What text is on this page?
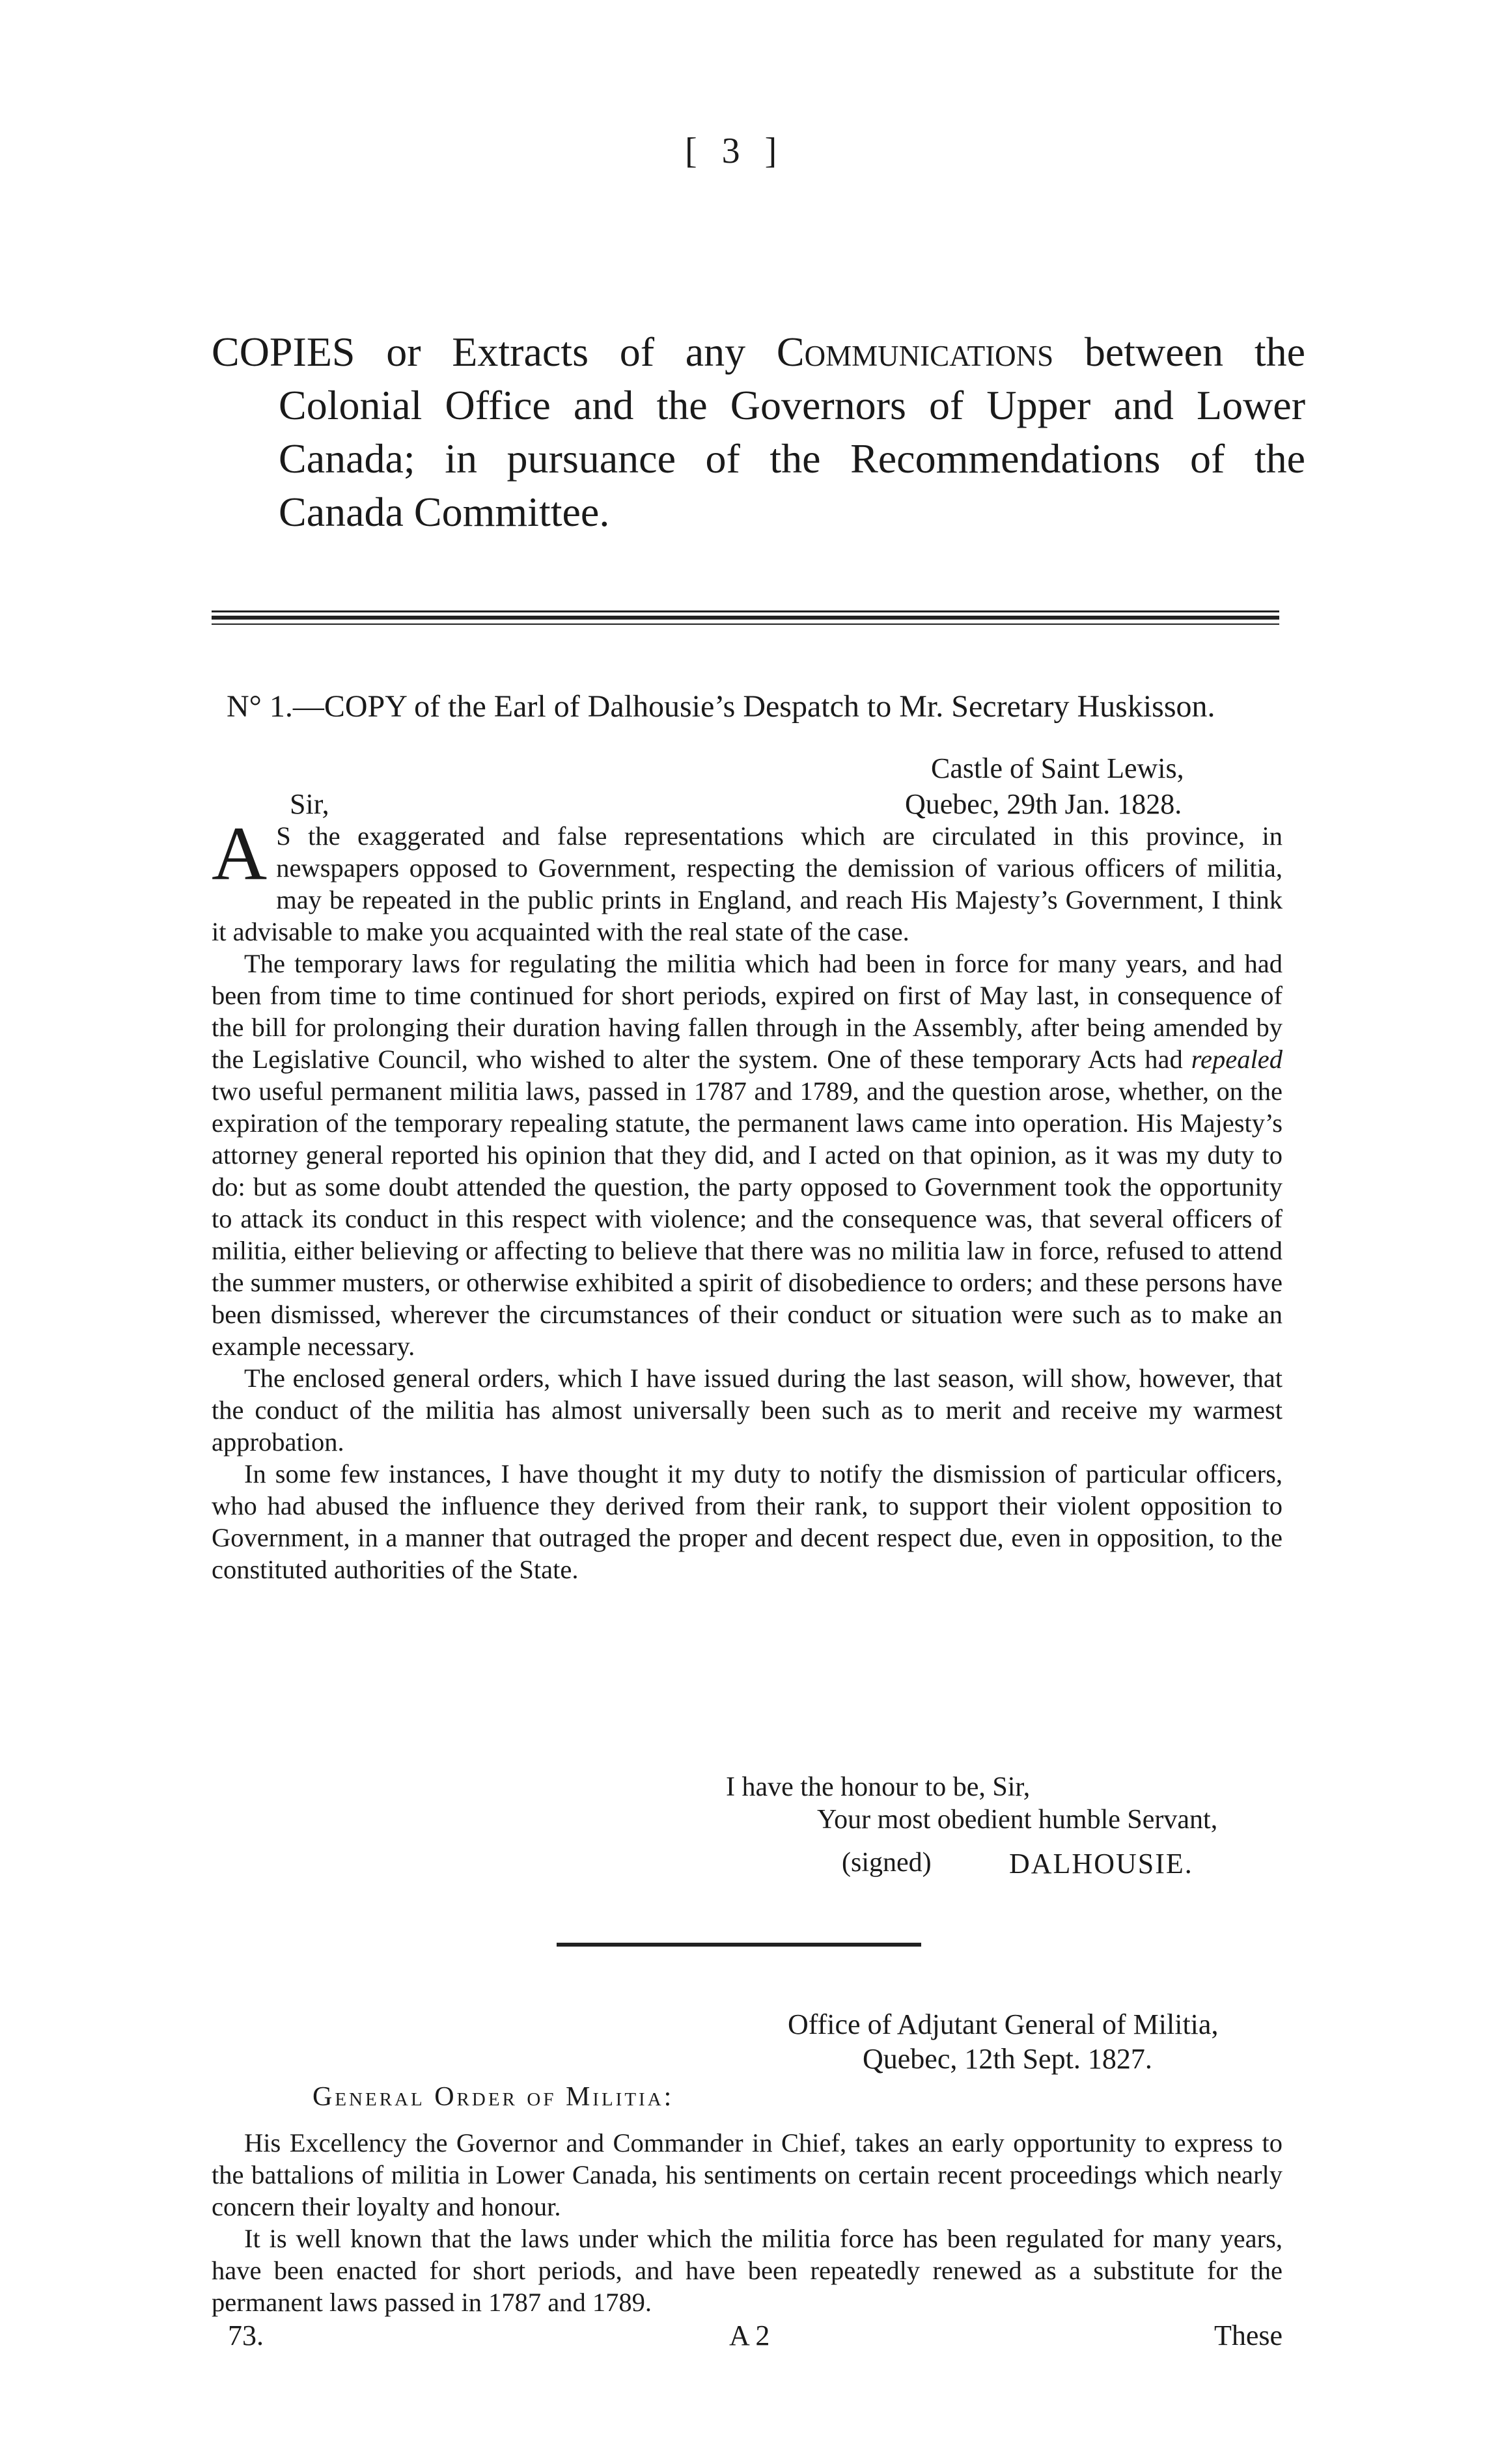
[ 3 ]
COPIES or Extracts of any Communications between the Colonial Office and the Governors of Upper and Lower Canada; in pursuance of the Recommendations of the Canada Committee.
N° 1.—COPY of the Earl of Dalhousie’s Despatch to Mr. Secretary Huskisson.
Castle of Saint Lewis,
Sir,	Quebec, 29th Jan. 1828.

A S the exaggerated and false representations which are circulated in this province, in newspapers opposed to Government, respecting the demission of various officers of militia, may be repeated in the public prints in England, and reach His Majesty’s Government, I think it advisable to make you acquainted with the real state of the case.

The temporary laws for regulating the militia which had been in force for many years, and had been from time to time continued for short periods, expired on first of May last, in consequence of the bill for prolonging their duration having fallen through in the Assembly, after being amended by the Legislative Council, who wished to alter the system. One of these temporary Acts had repealed two useful permanent militia laws, passed in 1787 and 1789, and the question arose, whether, on the expiration of the temporary repealing statute, the permanent laws came into operation. His Majesty’s attorney general reported his opinion that they did, and I acted on that opinion, as it was my duty to do: but as some doubt attended the question, the party opposed to Government took the opportunity to attack its conduct in this respect with violence; and the consequence was, that several officers of militia, either believing or affecting to believe that there was no militia law in force, refused to attend the summer musters, or otherwise exhibited a spirit of disobedience to orders; and these persons have been dismissed, wherever the circumstances of their conduct or situation were such as to make an example necessary.

The enclosed general orders, which I have issued during the last season, will show, however, that the conduct of the militia has almost universally been such as to merit and receive my warmest approbation.

In some few instances, I have thought it my duty to notify the dismission of particular officers, who had abused the influence they derived from their rank, to support their violent opposition to Government, in a manner that outraged the proper and decent respect due, even in opposition, to the constituted authorities of the State.

I have the honour to be, Sir,
Your most obedient humble Servant,
(signed)	DALHOUSIE.
Office of Adjutant General of Militia,
Quebec, 12th Sept. 1827.
General Order of Militia:

His Excellency the Governor and Commander in Chief, takes an early opportunity to express to the battalions of militia in Lower Canada, his sentiments on certain recent proceedings which nearly concern their loyalty and honour.

It is well known that the laws under which the militia force has been regulated for many years, have been enacted for short periods, and have been repeatedly renewed as a substitute for the permanent laws passed in 1787 and 1789.

73.	A 2	These
